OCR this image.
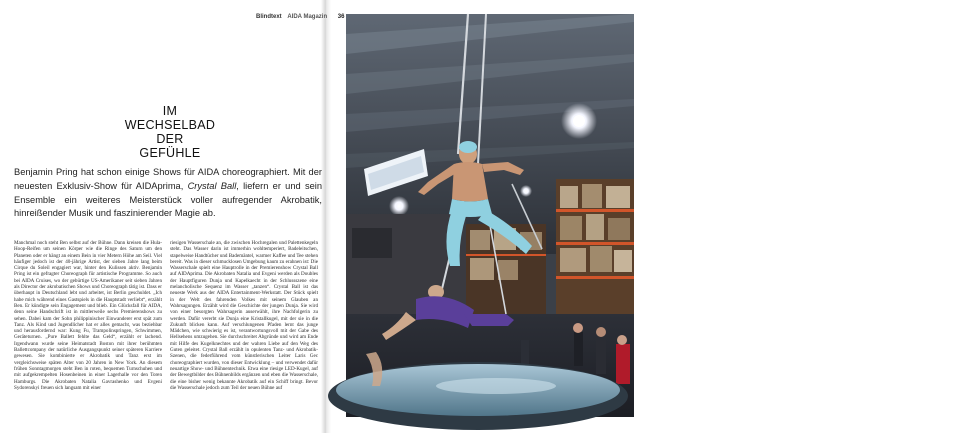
Blindtext AIDA Magazin 36
IM
WECHSELBAD
DER
GEFÜHLE
Benjamin Pring hat schon einige Shows für AIDA choreographiert. Mit der neuesten Exklusiv-Show für AIDAprima, Crystal Ball, liefern er und sein Ensemble ein weiteres Meisterstück voller aufregender Akrobatik, hinreißender Musik und faszinierender Magie ab.

Manchmal noch steht Ben selbst auf der Bühne. Dann kreisen die Hula-Hoop-Reifen um seinen Körper wie die Ringe des Saturn um den Planeten oder er hängt an einem Bein in vier Metern Höhe am Seil. Viel häufiger jedoch ist der 40-jährige Artist, der sieben Jahre lang beim Cirque du Soleil engagiert war, hinter den Kulissen aktiv. Benjamin Pring ist ein gefragter Choreograph für artistische Programme. So auch bei AIDA Cruises, wo der gebürtige US-Amerikaner seit sieben Jahren als Director der akrobatischen Shows und Choreograph tätig ist. Dass er überhaupt in Deutschland lebt und arbeitet, ist Berlin geschuldet. „Ich habe mich während eines Gastspiels in die Hauptstadt verliebt“, erzählt Ben. Er kündigte sein Engagement und blieb. Ein Glücksfall für AIDA, denn seine Handschrift ist in mittlerweile sechs Premierenshows zu sehen. Dabei kam der Sohn philippinischer Einwanderer erst spät zum Tanz. Als Kind und Jugendlicher hat er alles gemacht, was beziehbar und herausfordernd war: Kung Fu, Trampolinspringen, Schwimmen, Geräteturnen. „Pure Ballett fehlte das Geld“, erzählt er lachend. Irgendwann wurde seine Heimatstadt Boston mit ihrer berühmten Ballettcompany der natürliche Ausgangspunkt seiner späteren Karriere gewesen. Sie kombinierte er Akrobatik und Tanz erst im vergleichsweise späten Alter von 20 Jahren in New York. An diesem frühen Sonntagmorgen steht Ben in roten, bequemen Turnschuhen und mit aufgekrempelten Hosenbeinen in einer Lagerhalle vor den Toren Hamburgs. Die Akrobaten Natalia Gavrashenko und Evgeni Sydorenskyi freuen sich langsam mit einer

riesigen Wasserschale an, die zwischen Hochregalen und Palettenkegeln steht. Das Wasser darin ist immerhin wohltemperiert, Badeleitschen, stapelweise Handtücher und Bademäntel, warmer Kaffee und Tee stehen bereit. Was in dieser schmucklosen Umgebung kaum zu erahnen ist: Die Wasserschale spielt eine Hauptrolle in der Premierenshow Crystal Ball auf AIDAprima. Die Akrobaten Natalia und Evgeni werden als Doubles der Hauptfiguren Dunja und Kapelkaecht in der Schlussszene eine melancholische Sequenz im Wasser „tanzen“. Crystal Ball ist das neueste Werk aus der AIDA Entertainment-Werkstatt. Der Stück spielt in der Welt des fahrenden Volkes mit seinem Glauben an Wahrsagungen. Erzählt wird die Geschichte der jungen Dunja. Sie wird von einer besorgten Wahrsagerin auserwählt, ihre Nachfolgerin zu werden. Dafür vererbt sie Dunja eine Kristallkugel, mit der sie in die Zukunft blicken kann. Auf verschlungenen Pfaden lernt das junge Mädchen, wie schwierig es ist, verantwortungsvoll mit der Gabe des Hellsehens umzugehen. Sie durchschreitet Abgründe und wird am Ende mit Hilfe des Kugelknechtes und der wahren Liebe auf den Weg des Guten geleitet. Crystal Ball erzählt in opulenten Tanz- und Akrobatik-Szenen, die federführend vom künstlerischen Leiter Laris Gec choreographiert wurden, von dieser Entwicklung – und verwendet dafür neuartige Show- und Bühnentechnik. Etwa eine riesige LED-Kugel, auf der Bewegtbilder des Bühnenbilds ergänzen und eben die Wasserschale, die eine bisher wenig bekannte Akrobatik auf ein Schiff bringt. Bevor die Wasserschale jedoch zum Teil der neuen Bühne auf

Fegitatur sit optaeaerit dolum inicit cancilia dolupid mam uttem, as recocte eomnis axi volupatust dolore minci cancilia dolupid nis Fegitatur sit
